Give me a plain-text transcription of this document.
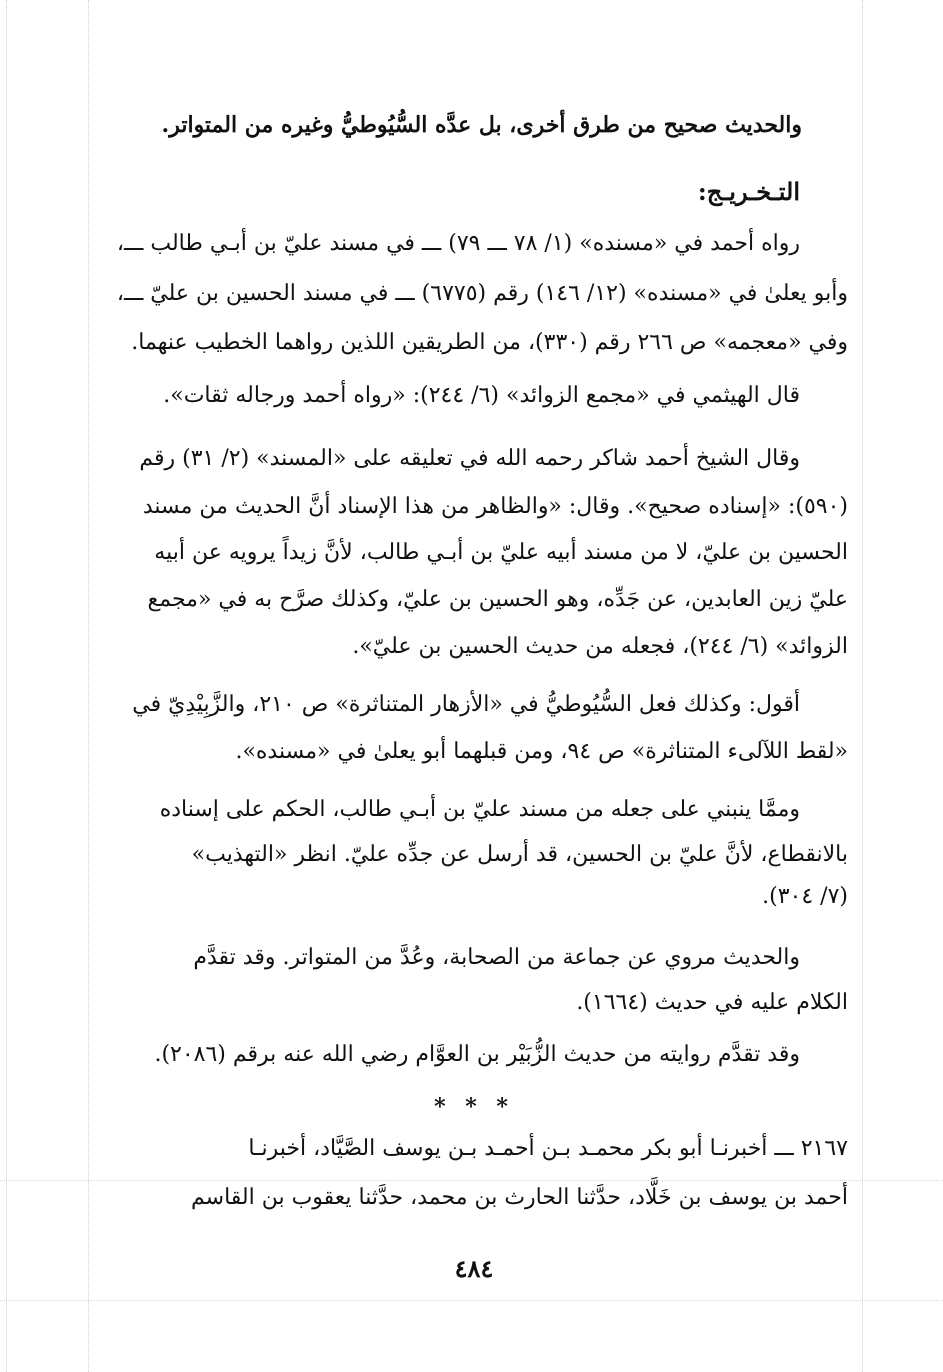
والحديث صحيح من طرق أخرى، بل عدَّه السُّيُوطيُّ وغيره من المتواتر.
التـخـريـج:
رواه أحمد في «مسنده» (١/ ٧٨ ـــ ٧٩) ـــ في مسند عليّ بن أبـي طالب ـــ،
وأبو يعلىٰ في «مسنده» (١٢/ ١٤٦) رقم (٦٧٧٥) ـــ في مسند الحسين بن عليّ ـــ،
وفي «معجمه» ص ٢٦٦ رقم (٣٣٠)، من الطريقين اللذين رواهما الخطيب عنهما.
قال الهيثمي في «مجمع الزوائد» (٦/ ٢٤٤): «رواه أحمد ورجاله ثقات».
وقال الشيخ أحمد شاكر رحمه الله في تعليقه على «المسند» (٢/ ٣١) رقم
(٥٩٠): «إسناده صحيح». وقال: «والظاهر من هذا الإسناد أنَّ الحديث من مسند
الحسين بن عليّ، لا من مسند أبيه عليّ بن أبـي طالب، لأنَّ زيداً يرويه عن أبيه
عليّ زين العابدين، عن جَدِّه، وهو الحسين بن عليّ، وكذلك صرَّح به في «مجمع
الزوائد» (٦/ ٢٤٤)، فجعله من حديث الحسين بن عليّ».
أقول: وكذلك فعل السُّيُوطيُّ في «الأزهار المتناثرة» ص ٢١٠، والزَّبِيْدِيّ في
«لقط اللآلىء المتناثرة» ص ٩٤، ومن قبلهما أبو يعلىٰ في «مسنده».
وممَّا ينبني على جعله من مسند عليّ بن أبـي طالب، الحكم على إسناده
بالانقطاع، لأنَّ عليّ بن الحسين، قد أرسل عن جدِّه عليّ. انظر «التهذيب»
(٧/ ٣٠٤).
والحديث مروي عن جماعة من الصحابة، وعُدَّ من المتواتر. وقد تقدَّم
الكلام عليه في حديث (١٦٦٤).
وقد تقدَّم روايته من حديث الزُّبَيْر بن العوَّام رضي الله عنه برقم (٢٠٨٦).
* * *
٢١٦٧ ـــ أخبرنـا أبو بكر محمـد بـن أحمـد بـن يوسف الصَّيَّاد، أخبرنـا
أحمد بن يوسف بن خَلَّاد، حدَّثنا الحارث بن محمد، حدَّثنا يعقوب بن القاسم
٤٨٤
